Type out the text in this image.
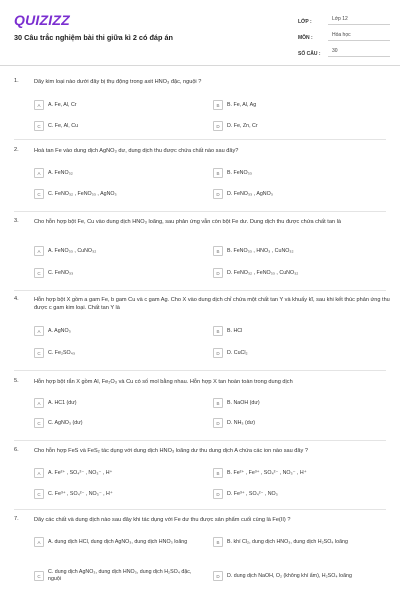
QUIZIZZ
30 Câu trắc nghiệm bài thi giữa kì 2 có đáp án
LỚP :	Lớp 12
MÔN :	Hóa học
SỐ CÂU :	30
1.	Dãy kim loại nào dưới đây bị thụ động trong axit HNO₃ đặc, nguội ?
A	A. Fe, Al, Cr	B	B. Fe, Al, Ag
C	C. Fe, Al, Cu	D	D. Fe, Zn, Cr
2.	Hoà tan Fe vào dung dịch AgNO₃ dư, dung dịch thu được chứa chất nào sau đây?
A	A. FeNO₃₂	B	B. FeNO₃₃
C	C. FeNO₃₂ , FeNO₃₃ , AgNO₃	D	D. FeNO₃₃ , AgNO₃
3.	Cho hỗn hợp bột Fe, Cu vào dung dịch HNO₃ loãng, sau phản ứng vẫn còn bột Fe dư. Dung dịch thu được chứa chất tan là
A	A. FeNO₃₃ , CuNO₃₂	B	B. FeNO₃₃ , HNO₃ , CuNO₃₂
C	C. FeNO₃₃	D	D. FeNO₃₂ , FeNO₃₃ , CuNO₃₂
4.	Hỗn hợp bột X gồm a gam Fe, b gam Cu và c gam Ag. Cho X vào dung dịch chỉ chứa một chất tan Y và khuấy kĩ, sau khi kết thúc phản ứng thu được c gam kim loại. Chất tan Y là
A	A. AgNO₃	B	B. HCl
C	C. Fe₂SO₄₃	D	D. CuCl₂
5.	Hỗn hợp bột rắn X gồm Al, Fe₂O₃ và Cu có số mol bằng nhau. Hỗn hợp X tan hoàn toàn trong dung dịch
A	A. HC1 (dư)	B	B. NaOH (dư)
C	C. AgNO₃ (dư)	D	D. NH₃ (dư)
6.	Cho hỗn hợp FeS và FeS₂ tác dụng với dung dịch HNO₃ loãng dư thu dung dịch A chứa các ion nào sau đây ?
A	A. Fe²⁺ , SO₄²⁻ , NO₃⁻ , H⁺	B	B. Fe²⁺ , Fe³⁺ , SO₄²⁻ , NO₃⁻ , H⁺
C	C. Fe³⁺ , SO₄²⁻ , NO₃⁻ , H⁺	D	D. Fe³⁺ , SO₄²⁻ , NO₃
7.	Dãy các chất và dung dịch nào sau đây khi tác dụng với Fe dư thu được sản phẩm cuối cùng là Fe(II) ?
A	A. dung dịch HCl, dung dịch AgNO₃, dung dịch HNO₃ loãng	B	B. khí Cl₂, dung dịch HNO₃, dung dịch H₂SO₄ loãng
C
C. dung dịch AgNO₃, dung dịch HNO₃, dung dịch H₂SO₄ đặc, nguội	D	D. dung dịch NaOH, O₂ (không khí ẩm), H₂SO₄ loãng
